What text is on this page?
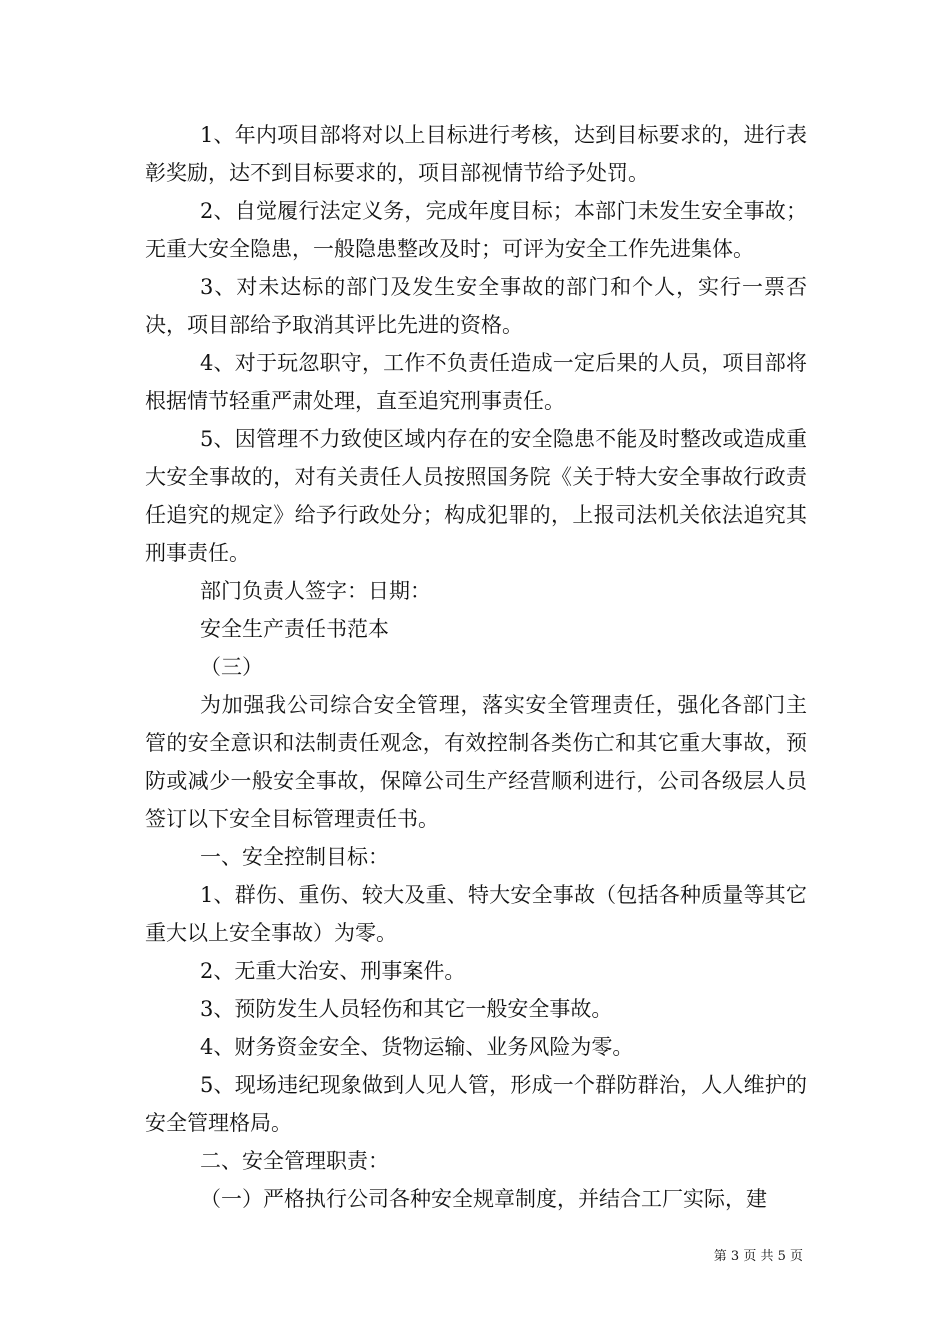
1、年内项目部将对以上目标进行考核，达到目标要求的，进行表彰奖励，达不到目标要求的，项目部视情节给予处罚。

2、自觉履行法定义务，完成年度目标；本部门未发生安全事故；无重大安全隐患，一般隐患整改及时；可评为安全工作先进集体。

3、对未达标的部门及发生安全事故的部门和个人，实行一票否决，项目部给予取消其评比先进的资格。

4、对于玩忽职守，工作不负责任造成一定后果的人员，项目部将根据情节轻重严肃处理，直至追究刑事责任。

5、因管理不力致使区域内存在的安全隐患不能及时整改或造成重大安全事故的，对有关责任人员按照国务院《关于特大安全事故行政责任追究的规定》给予行政处分；构成犯罪的，上报司法机关依法追究其刑事责任。

部门负责人签字：日期：

安全生产责任书范本

（三）

为加强我公司综合安全管理，落实安全管理责任，强化各部门主管的安全意识和法制责任观念，有效控制各类伤亡和其它重大事故，预防或减少一般安全事故，保障公司生产经营顺利进行，公司各级层人员签订以下安全目标管理责任书。

一、安全控制目标：

1、群伤、重伤、较大及重、特大安全事故（包括各种质量等其它重大以上安全事故）为零。

2、无重大治安、刑事案件。

3、预防发生人员轻伤和其它一般安全事故。

4、财务资金安全、货物运输、业务风险为零。

5、现场违纪现象做到人见人管，形成一个群防群治，人人维护的安全管理格局。

二、安全管理职责：

（一）严格执行公司各种安全规章制度，并结合工厂实际，建

第 3 页 共 5 页
